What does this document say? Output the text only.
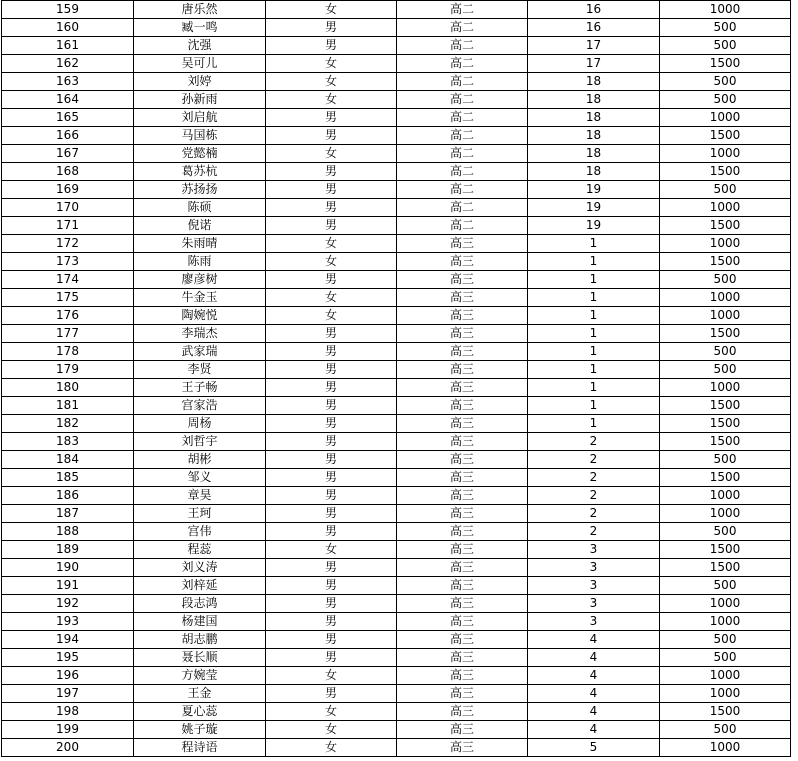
159	唐乐然	女	高二	16	1000
160	臧一鸣	男	高二	16	500
161	沈强	男	高二	17	500
162	吴可儿	女	高二	17	1500
163	刘婷	女	高二	18	500
164	孙新雨	女	高二	18	500
165	刘启航	男	高二	18	1000
166	马国栋	男	高二	18	1500
167	党懿楠	女	高二	18	1000
168	葛苏杭	男	高二	18	1500
169	苏扬扬	男	高二	19	500
170	陈硕	男	高二	19	1000
171	倪诺	男	高二	19	1500
172	朱雨晴	女	高三	1	1000
173	陈雨	女	高三	1	1500
174	廖彦树	男	高三	1	500
175	牛金玉	女	高三	1	1000
176	陶婉悦	女	高三	1	1000
177	李瑞杰	男	高三	1	1500
178	武家瑞	男	高三	1	500
179	李贤	男	高三	1	500
180	王子畅	男	高三	1	1000
181	宫家浩	男	高三	1	1500
182	周杨	男	高三	1	1500
183	刘哲宇	男	高三	2	1500
184	胡彬	男	高三	2	500
185	邹义	男	高三	2	1500
186	章昊	男	高三	2	1000
187	王珂	男	高三	2	1000
188	宫伟	男	高三	2	500
189	程蕊	女	高三	3	1500
190	刘义涛	男	高三	3	1500
191	刘梓延	男	高三	3	500
192	段志鸿	男	高三	3	1000
193	杨建国	男	高三	3	1000
194	胡志鹏	男	高三	4	500
195	聂长顺	男	高三	4	500
196	方婉莹	女	高三	4	1000
197	王金	男	高三	4	1000
198	夏心蕊	女	高三	4	1500
199	姚子璇	女	高三	4	500
200	程诗语	女	高三	5	1000
